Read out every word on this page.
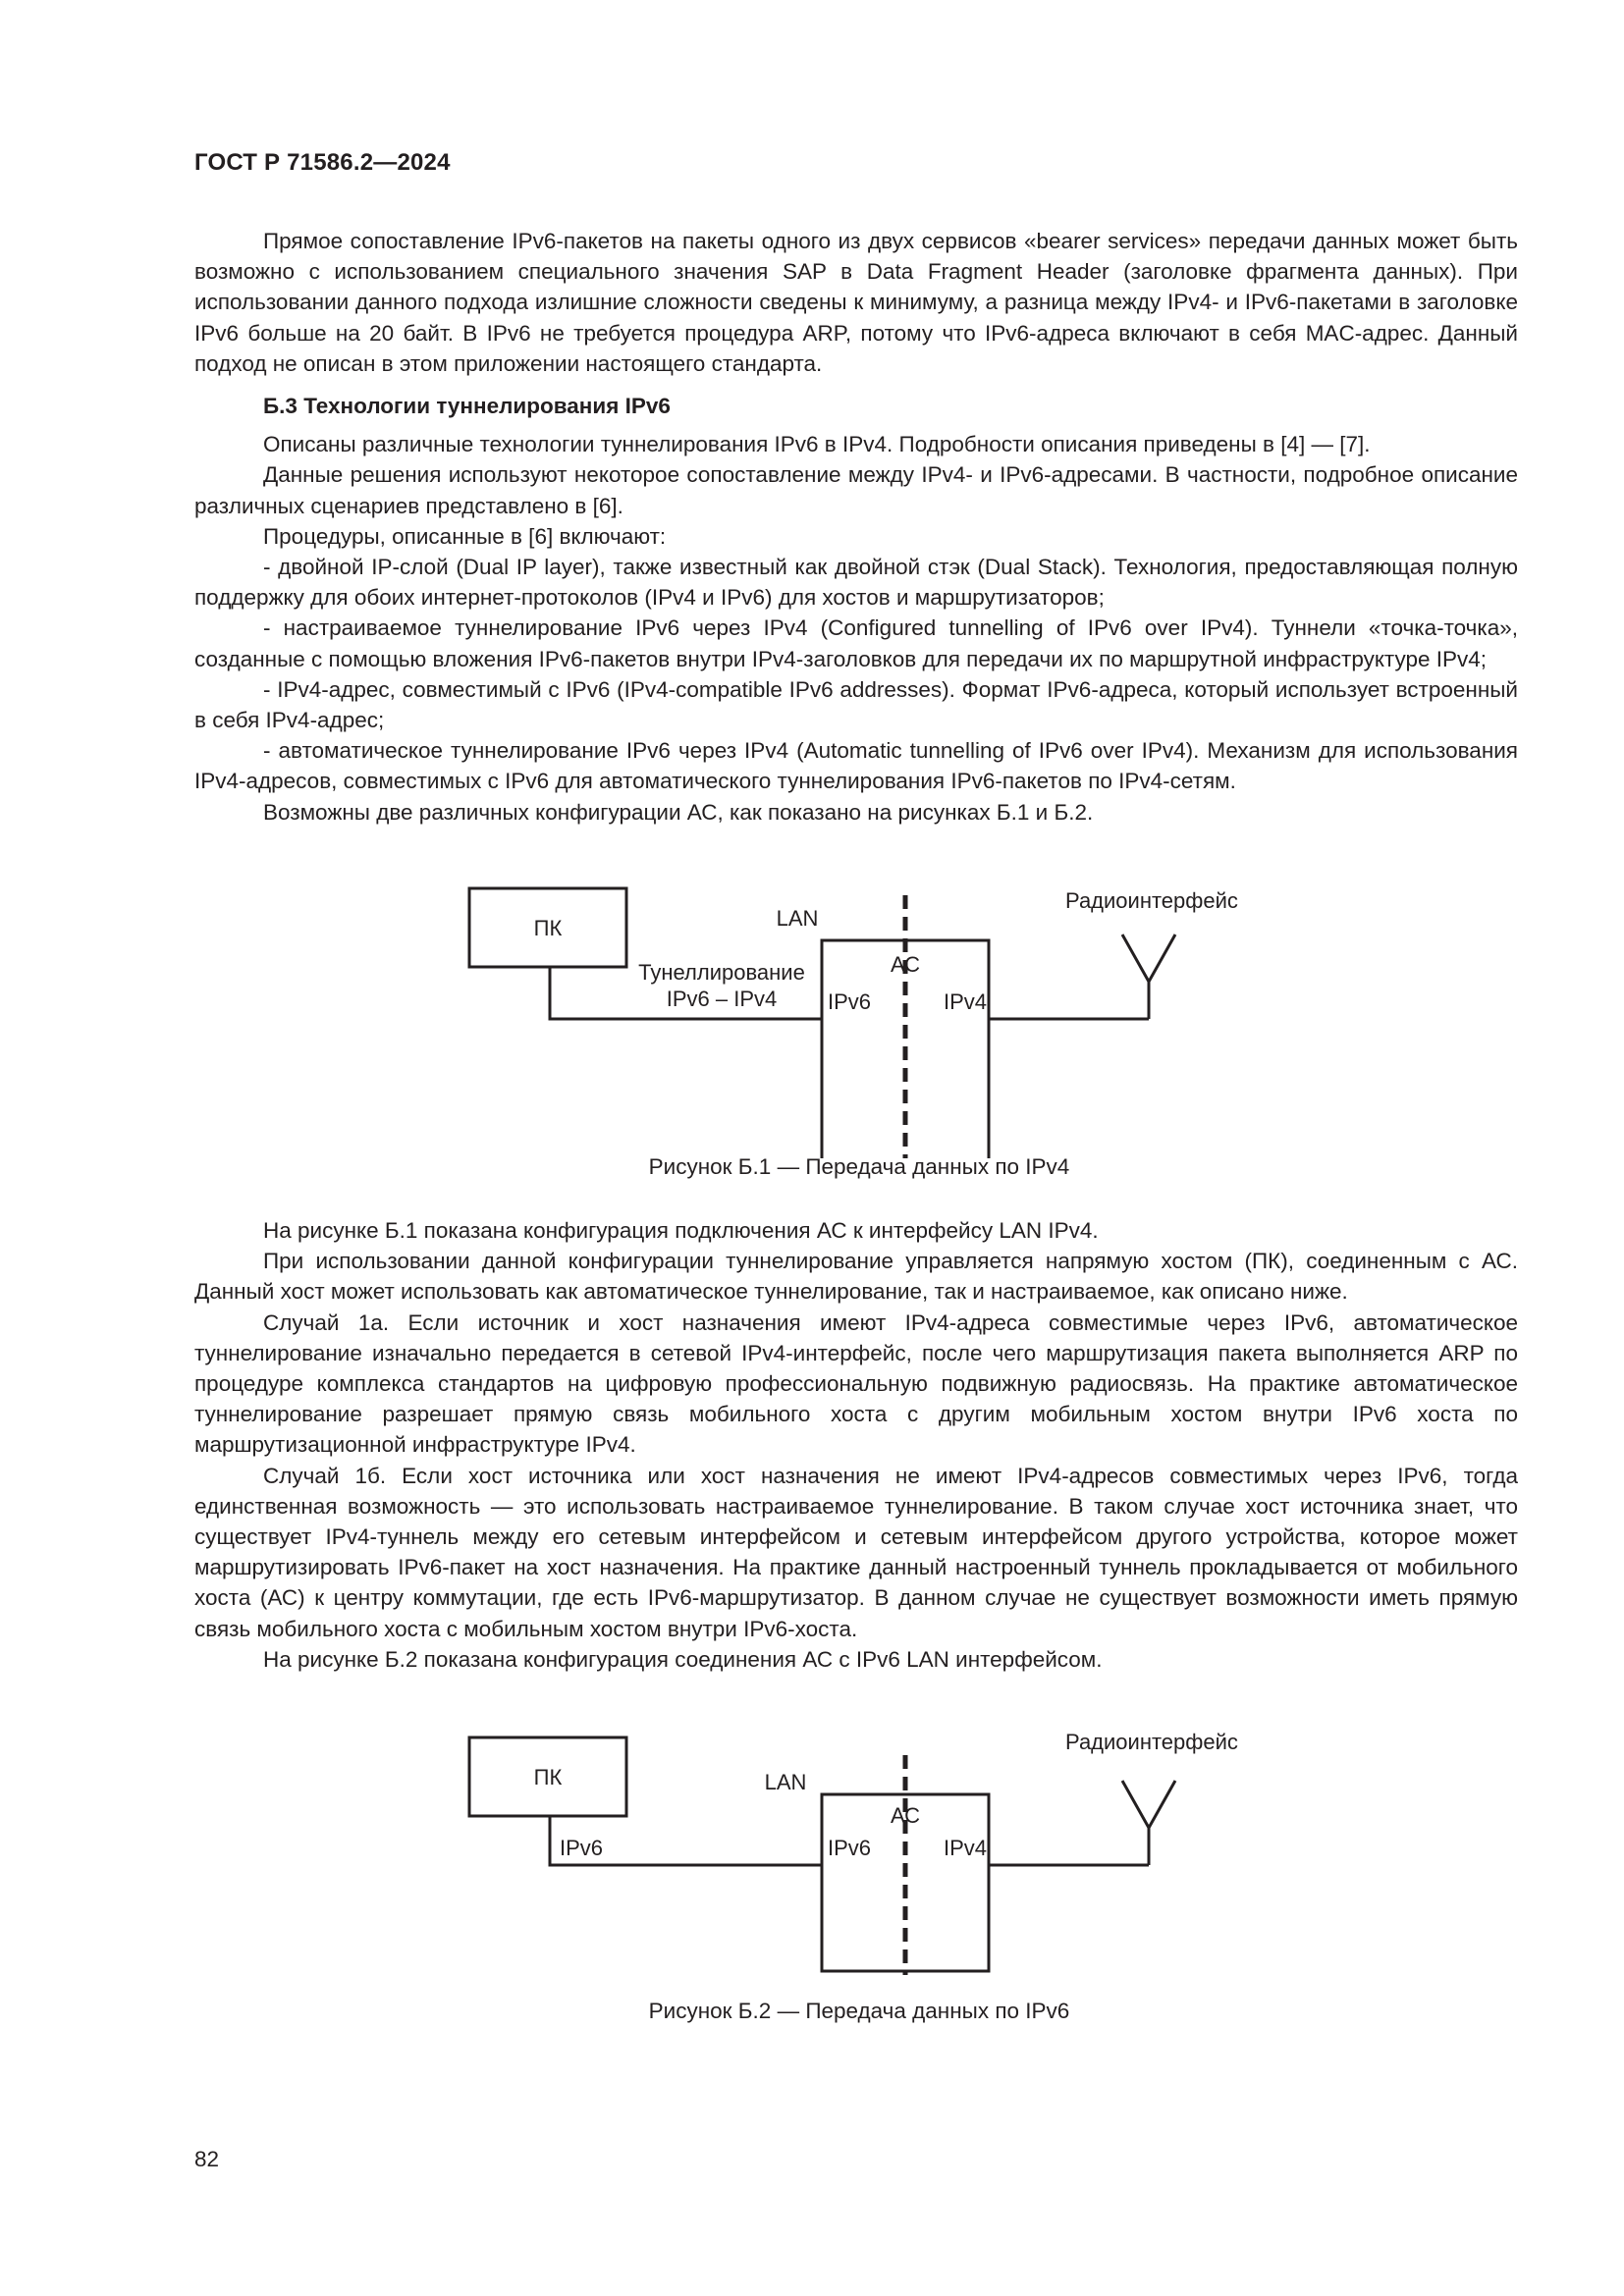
ГОСТ Р 71586.2—2024

Прямое сопоставление IPv6-пакетов на пакеты одного из двух сервисов «bearer services» передачи данных может быть возможно с использованием специального значения SAP в Data Fragment Header (заголовке фрагмента данных). При использовании данного подхода излишние сложности сведены к минимуму, а разница между IPv4- и IPv6-пакетами в заголовке IPv6 больше на 20 байт. В IPv6 не требуется процедура ARP, потому что IPv6-адреса включают в себя MAC-адрес. Данный подход не описан в этом приложении настоящего стандарта.

Б.3 Технологии туннелирования IPv6

Описаны различные технологии туннелирования IPv6 в IPv4. Подробности описания приведены в [4] — [7].

Данные решения используют некоторое сопоставление между IPv4- и IPv6-адресами. В частности, подробное описание различных сценариев представлено в [6].

Процедуры, описанные в [6] включают:

- двойной IP-слой (Dual IP layer), также известный как двойной стэк (Dual Stack). Технология, предоставляющая полную поддержку для обоих интернет-протоколов (IPv4 и IPv6) для хостов и маршрутизаторов;

- настраиваемое туннелирование IPv6 через IPv4 (Configured tunnelling of IPv6 over IPv4). Туннели «точка-точка», созданные с помощью вложения IPv6-пакетов внутри IPv4-заголовков для передачи их по маршрутной инфраструктуре IPv4;

- IPv4-адрес, совместимый с IPv6 (IPv4-compatible IPv6 addresses). Формат IPv6-адреса, который использует встроенный в себя IPv4-адрес;

- автоматическое туннелирование IPv6 через IPv4 (Automatic tunnelling of IPv6 over IPv4). Механизм для использования IPv4-адресов, совместимых с IPv6 для автоматического туннелирования IPv6-пакетов по IPv4-сетям.

Возможны две различных конфигурации АС, как показано на рисунках Б.1 и Б.2.

ПК	LAN
Тунеллирование
IPv6 – IPv4
АС
IPv6	IPv4
Радиоинтерфейс
Рисунок Б.1 — Передача данных по IPv4

На рисунке Б.1 показана конфигурация подключения АС к интерфейсу LAN IPv4.

При использовании данной конфигурации туннелирование управляется напрямую хостом (ПК), соединенным с АС. Данный хост может использовать как автоматическое туннелирование, так и настраиваемое, как описано ниже.

Случай 1а. Если источник и хост назначения имеют IPv4-адреса совместимые через IPv6, автоматическое туннелирование изначально передается в сетевой IPv4-интерфейс, после чего маршрутизация пакета выполняется ARP по процедуре комплекса стандартов на цифровую профессиональную подвижную радиосвязь. На практике автоматическое туннелирование разрешает прямую связь мобильного хоста с другим мобильным хостом внутри IPv6 хоста по маршрутизационной инфраструктуре IPv4.

Случай 1б. Если хост источника или хост назначения не имеют IPv4-адресов совместимых через IPv6, тогда единственная возможность — это использовать настраиваемое туннелирование. В таком случае хост источника знает, что существует IPv4-туннель между его сетевым интерфейсом и сетевым интерфейсом другого устройства, которое может маршрутизировать IPv6-пакет на хост назначения. На практике данный настроенный туннель прокладывается от мобильного хоста (АС) к центру коммутации, где есть IPv6-маршрутизатор. В данном случае не существует возможности иметь прямую связь мобильного хоста с мобильным хостом внутри IPv6-хоста.

На рисунке Б.2 показана конфигурация соединения АС с IPv6 LAN интерфейсом.

ПК	LAN
IPv6
АС
IPv6	IPv4
Радиоинтерфейс
Рисунок Б.2 — Передача данных по IPv6
82
